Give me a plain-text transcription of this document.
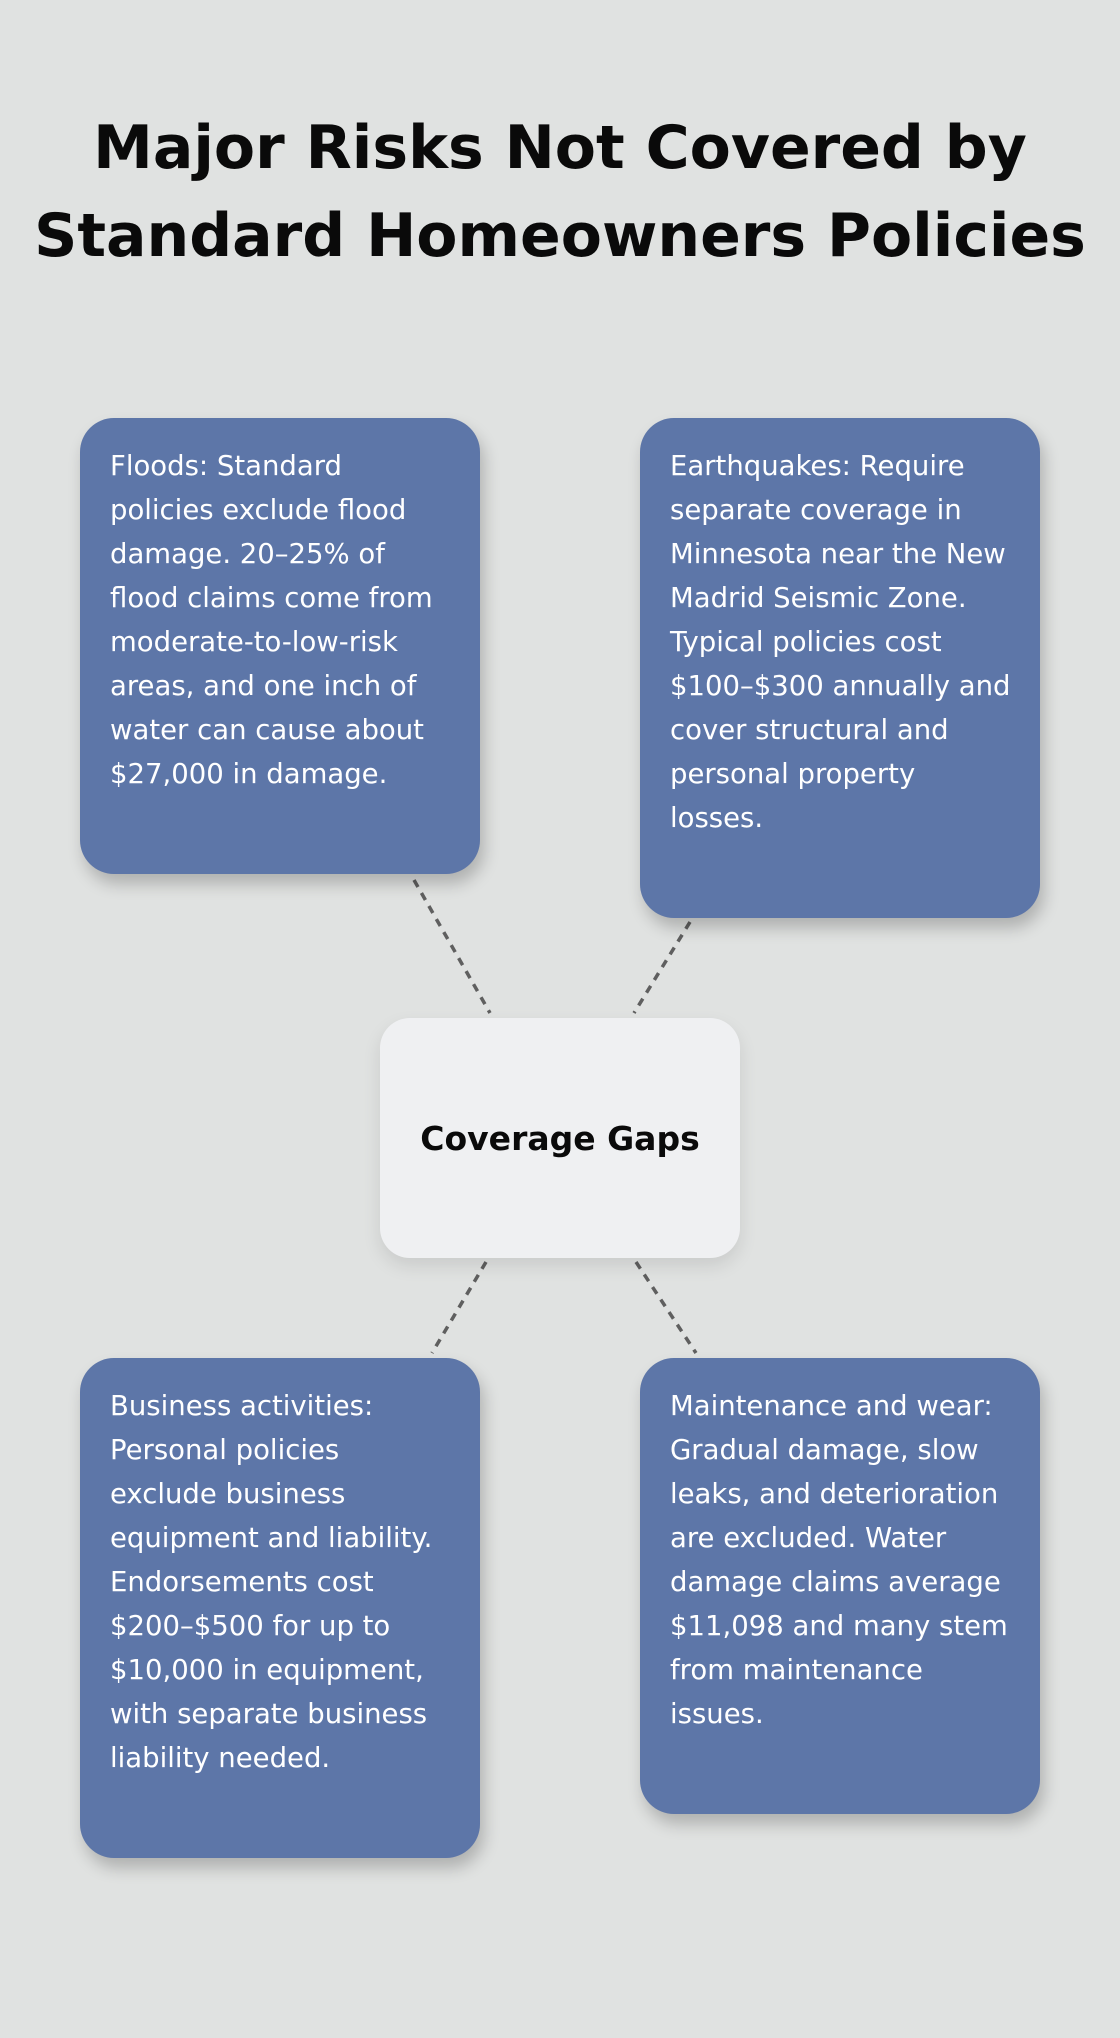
Major Risks Not Covered by
Standard Homeowners Policies
Floods: Standard policies exclude flood damage. 20–25% of flood claims come from moderate-to-low-risk areas, and one inch of water can cause about $27,000 in damage.
Earthquakes: Require separate coverage in Minnesota near the New Madrid Seismic Zone. Typical policies cost $100–$300 annually and cover structural and personal property losses.
Coverage Gaps
Business activities: Personal policies exclude business equipment and liability. Endorsements cost $200–$500 for up to $10,000 in equipment, with separate business liability needed.
Maintenance and wear: Gradual damage, slow leaks, and deterioration are excluded. Water damage claims average $11,098 and many stem from maintenance issues.
